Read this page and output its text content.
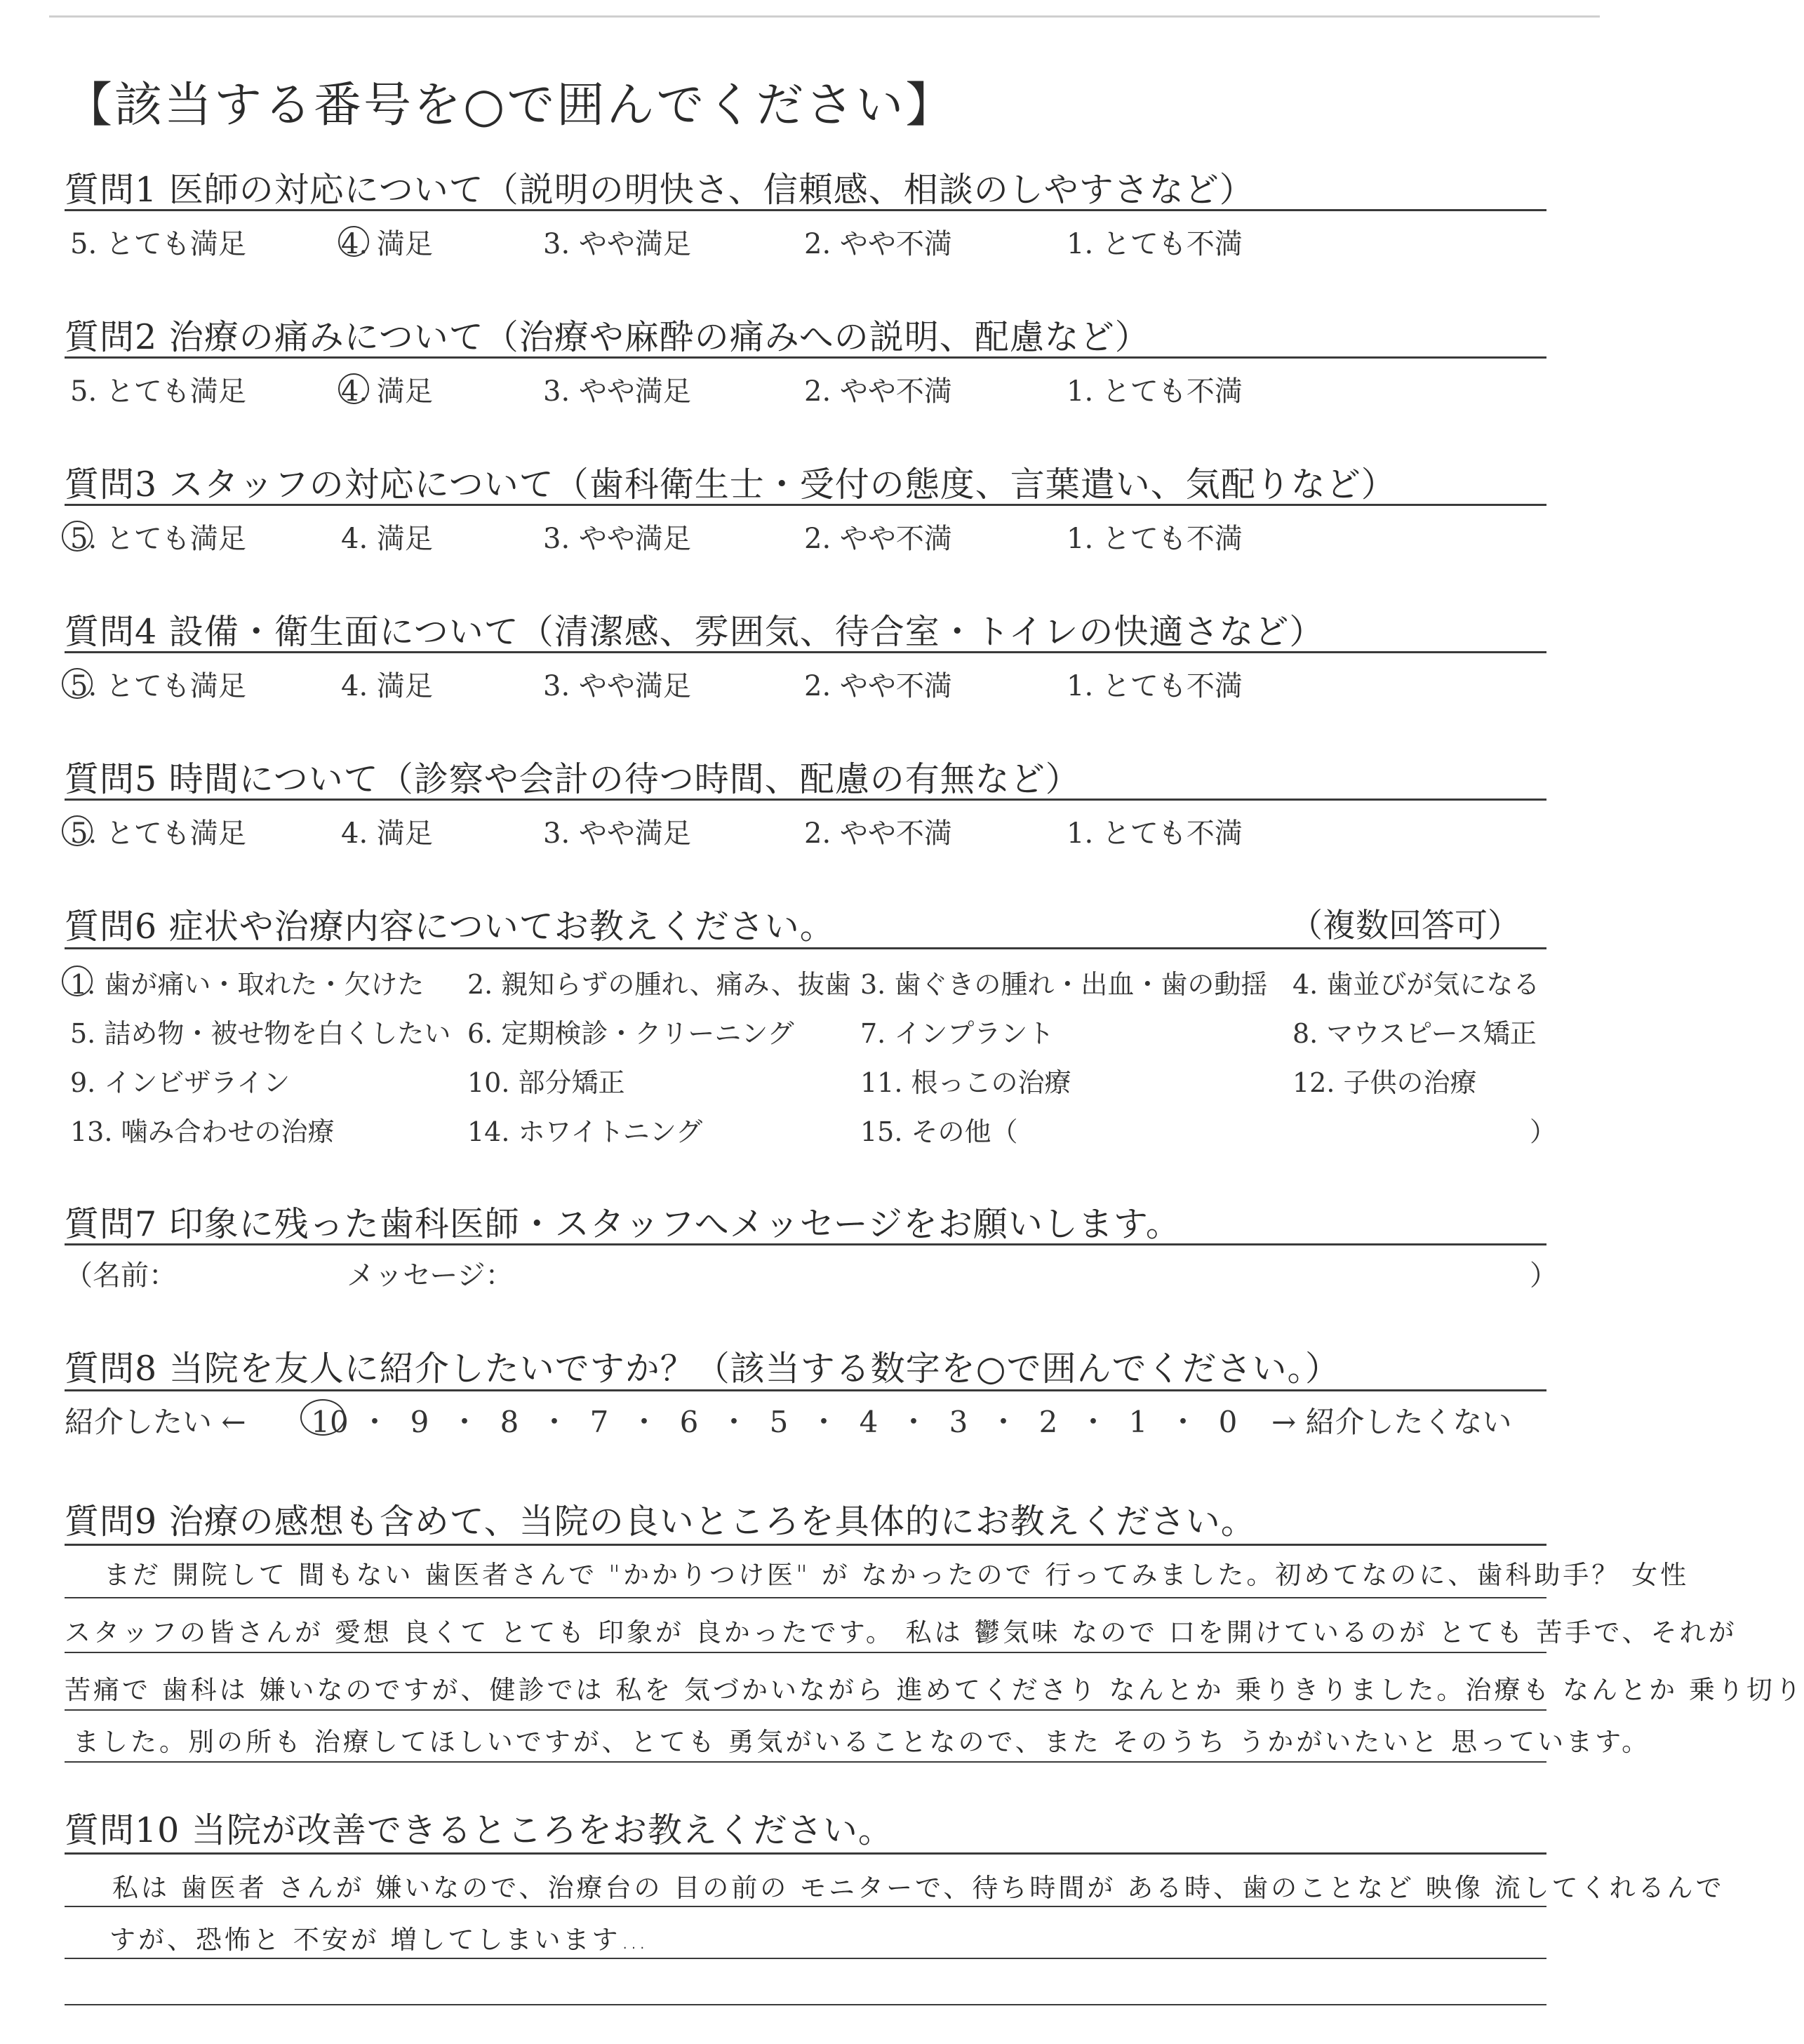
【該当する番号を○で囲んでください】
質問1 医師の対応について（説明の明快さ、信頼感、相談のしやすさなど）
5. とても満足	4. 満足	3. やや満足	2. やや不満	1. とても不満
質問2 治療の痛みについて（治療や麻酔の痛みへの説明、配慮など）
5. とても満足	4. 満足	3. やや満足	2. やや不満	1. とても不満
質問3 スタッフの対応について（歯科衛生士・受付の態度、言葉遣い、気配りなど）
5. とても満足	4. 満足	3. やや満足	2. やや不満	1. とても不満
質問4 設備・衛生面について（清潔感、雰囲気、待合室・トイレの快適さなど）
5. とても満足	4. 満足	3. やや満足	2. やや不満	1. とても不満
質問5 時間について（診察や会計の待つ時間、配慮の有無など）
5. とても満足	4. 満足	3. やや満足	2. やや不満	1. とても不満
質問6 症状や治療内容についてお教えください。	（複数回答可）
1. 歯が痛い・取れた・欠けた 2. 親知らずの腫れ、痛み、抜歯 3. 歯ぐきの腫れ・出血・歯の動揺 4. 歯並びが気になる
5. 詰め物・被せ物を白くしたい 6. 定期検診・クリーニング 7. インプラント	8. マウスピース矯正
9. インビザライン	10. 部分矯正	11. 根っこの治療	12. 子供の治療
13. 噛み合わせの治療	14. ホワイトニング	15. その他（	）
質問7 印象に残った歯科医師・スタッフへメッセージをお願いします。
（名前：	メッセージ：	）
質問8 当院を友人に紹介したいですか？（該当する数字を○で囲んでください。）
紹介したい ← 10 ・ 9 ・ 8 ・ 7 ・ 6 ・ 5 ・ 4 ・ 3 ・ 2 ・ 1 ・ 0	→ 紹介したくない
質問9 治療の感想も含めて、当院の良いところを具体的にお教えください。
まだ 開院して 間もない 歯医者さんで "かかりつけ医" が なかったので 行ってみました。初めてなのに、歯科助手？ 女性
スタッフの皆さんが 愛想 良くて とても 印象が 良かったです。 私は 鬱気味 なので 口を開けているのが とても 苦手で、それが
苦痛で 歯科は 嫌いなのですが、健診では 私を 気づかいながら 進めてくださり なんとか 乗りきりました。治療も なんとか 乗り切り
ました。別の所も 治療してほしいですが、とても 勇気がいることなので、また そのうち うかがいたいと 思っています。
質問10 当院が改善できるところをお教えください。
私は 歯医者 さんが 嫌いなので、治療台の 目の前の モニターで、待ち時間が ある時、歯のことなど 映像 流してくれるんで
すが、恐怖と 不安が 増してしまいます…
